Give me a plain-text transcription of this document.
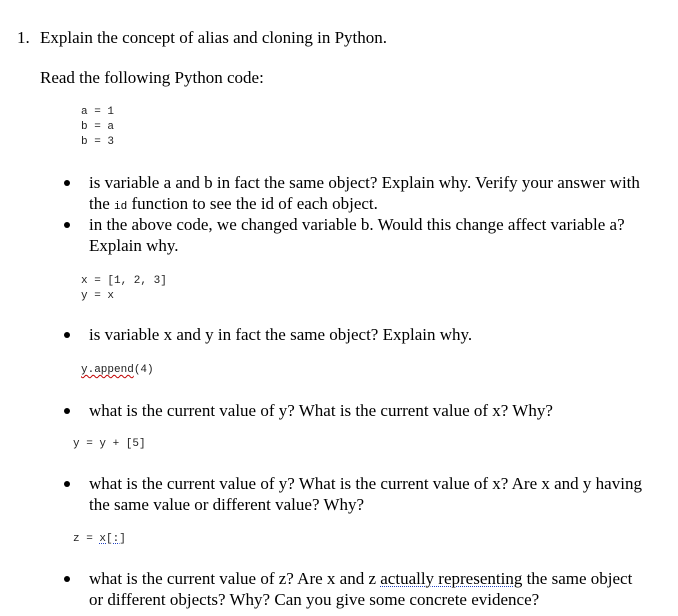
1. Explain the concept of alias and cloning in Python.
Read the following Python code:
a = 1
b = a
b = 3
is variable a and b in fact the same object? Explain why. Verify your answer with the id function to see the id of each object.
in the above code, we changed variable b. Would this change affect variable a? Explain why.
x = [1, 2, 3]
y = x
is variable x and y in fact the same object? Explain why.
y.append(4)
what is the current value of y? What is the current value of x? Why?
y = y + [5]
what is the current value of y? What is the current value of x? Are x and y having the same value or different value? Why?
z = x[:]
what is the current value of z? Are x and z actually representing the same object or different objects? Why? Can you give some concrete evidence?
